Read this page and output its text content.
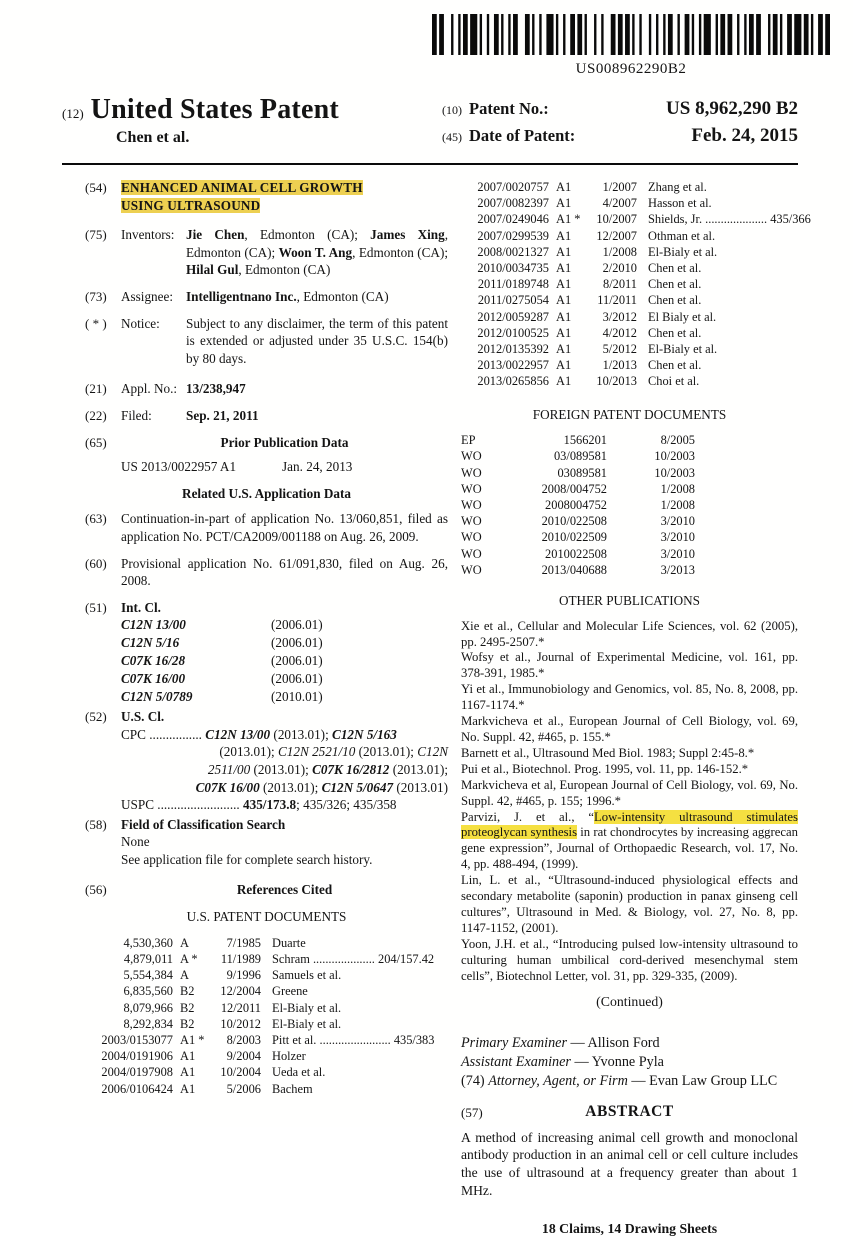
US008962290B2
(12) United States Patent
Chen et al.
(10) Patent No.:	US 8,962,290 B2
(45) Date of Patent:	Feb. 24, 2015
(54)	ENHANCED ANIMAL CELL GROWTH
USING ULTRASOUND
(75)	Inventors: Jie Chen, Edmonton (CA); James Xing, Edmonton (CA); Woon T. Ang, Edmonton (CA); Hilal Gul, Edmonton (CA)
(73)	Assignee: Intelligentnano Inc., Edmonton (CA)
( * )	Notice:	Subject to any disclaimer, the term of this patent is extended or adjusted under 35 U.S.C. 154(b) by 80 days.
(21)	Appl. No.: 13/238,947
(22)	Filed:	Sep. 21, 2011
(65)	Prior Publication Data
US 2013/0022957 A1	Jan. 24, 2013
Related U.S. Application Data
(63)	Continuation-in-part of application No. 13/060,851, filed as application No. PCT/CA2009/001188 on Aug. 26, 2009.
(60)	Provisional application No. 61/091,830, filed on Aug. 26, 2008.
(51)	Int. Cl.
C12N 13/00	(2006.01)
C12N 5/16	(2006.01)
C07K 16/28	(2006.01)
C07K 16/00	(2006.01)
C12N 5/0789	(2010.01)
(52)	U.S. Cl.
CPC ................ C12N 13/00 (2013.01); C12N 5/163
(2013.01); C12N 2521/10 (2013.01); C12N
2511/00 (2013.01); C07K 16/2812 (2013.01);
C07K 16/00 (2013.01); C12N 5/0647 (2013.01)
USPC ......................... 435/173.8; 435/326; 435/358
(58)	Field of Classification Search
None
See application file for complete search history.
(56)	References Cited
U.S. PATENT DOCUMENTS
4,530,360 A	7/1985 Duarte
4,879,011 A *	11/1989 Schram .................... 204/157.42
5,554,384 A	9/1996 Samuels et al.
6,835,560 B2	12/2004 Greene
8,079,966 B2	12/2011 El-Bialy et al.
8,292,834 B2	10/2012 El-Bialy et al.
2003/0153077 A1 *	8/2003 Pitt et al. ....................... 435/383
2004/0191906 A1	9/2004 Holzer
2004/0197908 A1	10/2004 Ueda et al.
2006/0106424 A1	5/2006 Bachem
2007/0020757 A1	1/2007 Zhang et al.
2007/0082397 A1	4/2007 Hasson et al.
2007/0249046 A1 *	10/2007 Shields, Jr. .................... 435/366
2007/0299539 A1	12/2007 Othman et al.
2008/0021327 A1	1/2008 El-Bialy et al.
2010/0034735 A1	2/2010 Chen et al.
2011/0189748 A1	8/2011 Chen et al.
2011/0275054 A1	11/2011 Chen et al.
2012/0059287 A1	3/2012 El Bialy et al.
2012/0100525 A1	4/2012 Chen et al.
2012/0135392 A1	5/2012 El-Bialy et al.
2013/0022957 A1	1/2013 Chen et al.
2013/0265856 A1	10/2013 Choi et al.
FOREIGN PATENT DOCUMENTS
EP	1566201	8/2005
WO	03/089581	10/2003
WO	03089581	10/2003
WO	2008/004752	1/2008
WO	2008004752	1/2008
WO	2010/022508	3/2010
WO	2010/022509	3/2010
WO	2010022508	3/2010
WO	2013/040688	3/2013
OTHER PUBLICATIONS
Xie et al., Cellular and Molecular Life Sciences, vol. 62 (2005), pp. 2495-2507.*
Wofsy et al., Journal of Experimental Medicine, vol. 161, pp. 378-391, 1985.*
Yi et al., Immunobiology and Genomics, vol. 85, No. 8, 2008, pp. 1167-1174.*
Markvicheva et al., European Journal of Cell Biology, vol. 69, No. Suppl. 42, #465, p. 155.*
Barnett et al., Ultrasound Med Biol. 1983; Suppl 2:45-8.*
Pui et al., Biotechnol. Prog. 1995, vol. 11, pp. 146-152.*
Markvicheva et al, European Journal of Cell Biology, vol. 69, No. Suppl. 42, #465, p. 155; 1996.*
Parvizi, J. et al., “Low-intensity ultrasound stimulates proteoglycan synthesis in rat chondrocytes by increasing aggrecan gene expression”, Journal of Orthopaedic Research, vol. 17, No. 4, pp. 488-494, (1999).
Lin, L. et al., “Ultrasound-induced physiological effects and secondary metabolite (saponin) production in panax ginseng cell cultures”, Ultrasound in Med. & Biology, vol. 27, No. 8, pp. 1147-1152, (2001).
Yoon, J.H. et al., “Introducing pulsed low-intensity ultrasound to culturing human umbilical cord-derived mesenchymal stem cells”, Biotechnol Letter, vol. 31, pp. 329-335, (2009).
(Continued)
Primary Examiner — Allison Ford
Assistant Examiner — Yvonne Pyla
(74) Attorney, Agent, or Firm — Evan Law Group LLC
(57)	ABSTRACT
A method of increasing animal cell growth and monoclonal antibody production in an animal cell or cell culture includes the use of ultrasound at a frequency greater than about 1 MHz.
18 Claims, 14 Drawing Sheets
